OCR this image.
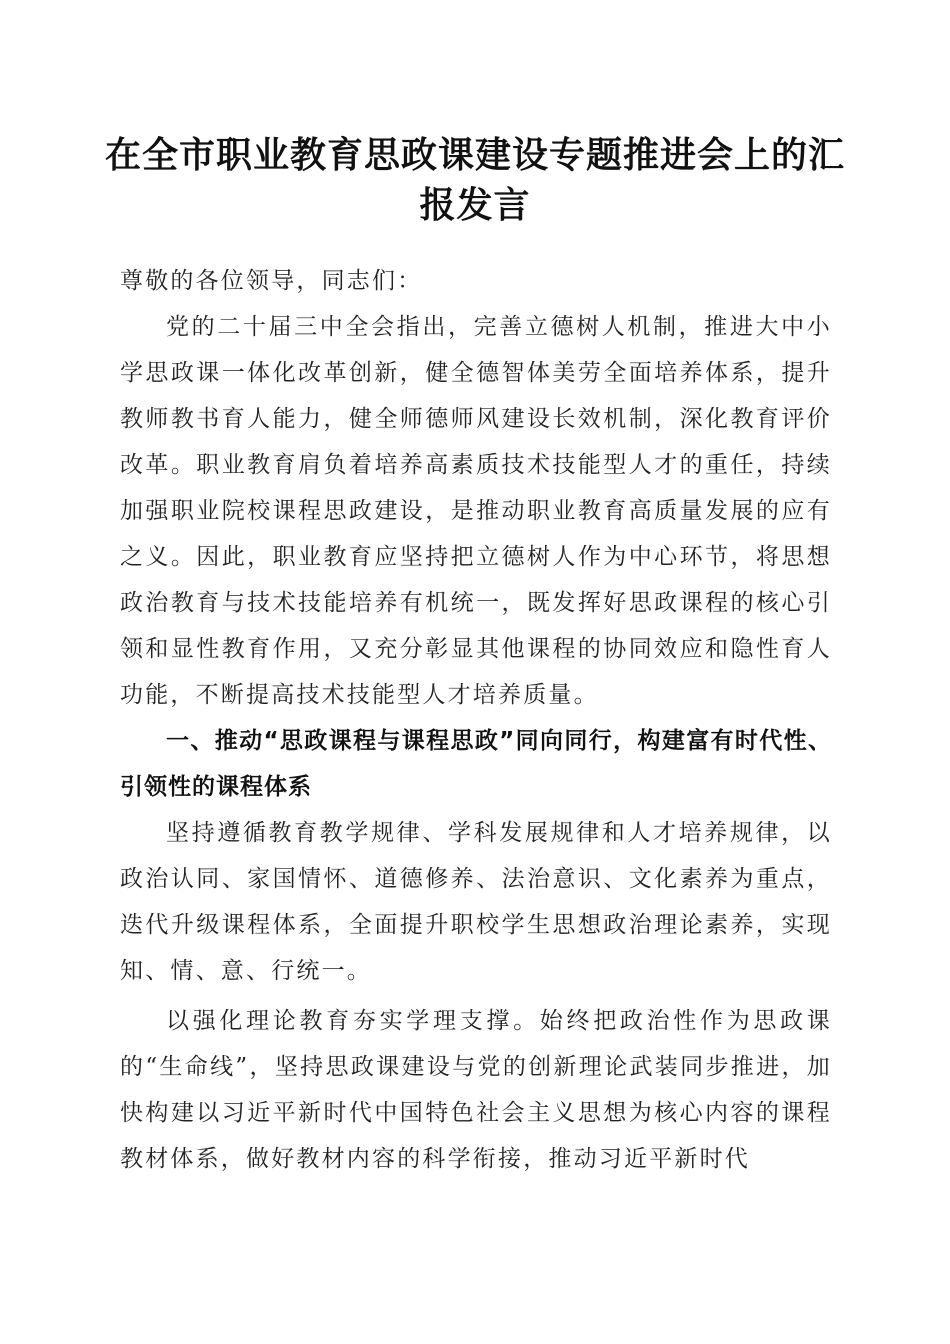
在全市职业教育思政课建设专题推进会上的汇报发言

尊敬的各位领导，同志们：

党的二十届三中全会指出，完善立德树人机制，推进大中小学思政课一体化改革创新，健全德智体美劳全面培养体系，提升教师教书育人能力，健全师德师风建设长效机制，深化教育评价改革。职业教育肩负着培养高素质技术技能型人才的重任，持续加强职业院校课程思政建设，是推动职业教育高质量发展的应有之义。因此，职业教育应坚持把立德树人作为中心环节，将思想政治教育与技术技能培养有机统一，既发挥好思政课程的核心引领和显性教育作用，又充分彰显其他课程的协同效应和隐性育人功能，不断提高技术技能型人才培养质量。

一、推动“思政课程与课程思政”同向同行，构建富有时代性、引领性的课程体系

坚持遵循教育教学规律、学科发展规律和人才培养规律，以政治认同、家国情怀、道德修养、法治意识、文化素养为重点，迭代升级课程体系，全面提升职校学生思想政治理论素养，实现知、情、意、行统一。

以强化理论教育夯实学理支撑。始终把政治性作为思政课的“生命线”，坚持思政课建设与党的创新理论武装同步推进，加快构建以习近平新时代中国特色社会主义思想为核心内容的课程教材体系，做好教材内容的科学衔接，推动习近平新时代
